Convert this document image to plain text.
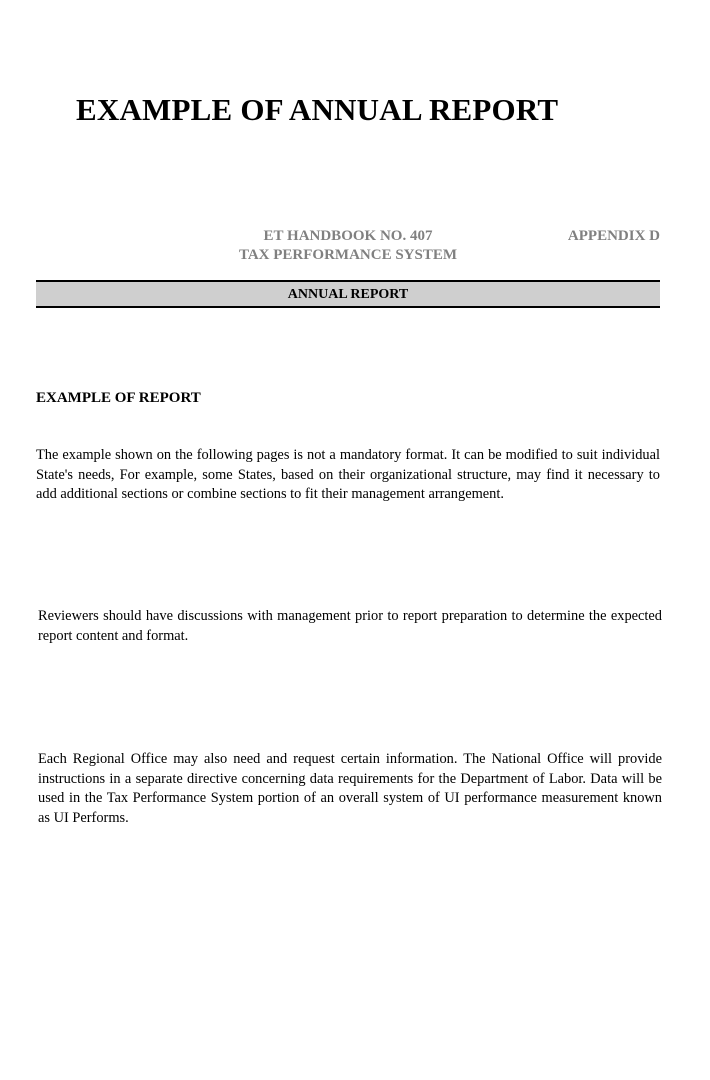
EXAMPLE OF ANNUAL REPORT
ET HANDBOOK NO. 407
TAX PERFORMANCE SYSTEM
APPENDIX D
ANNUAL REPORT
EXAMPLE OF REPORT

The example shown on the following pages is not a mandatory format. It can be modified to suit individual State's needs, For example, some States, based on their organizational structure, may find it necessary to add additional sections or combine sections to fit their management arrangement.

Reviewers should have discussions with management prior to report preparation to determine the expected report content and format.

Each Regional Office may also need and request certain information. The National Office will provide instructions in a separate directive concerning data requirements for the Department of Labor. Data will be used in the Tax Performance System portion of an overall system of UI performance measurement known as UI Performs.
